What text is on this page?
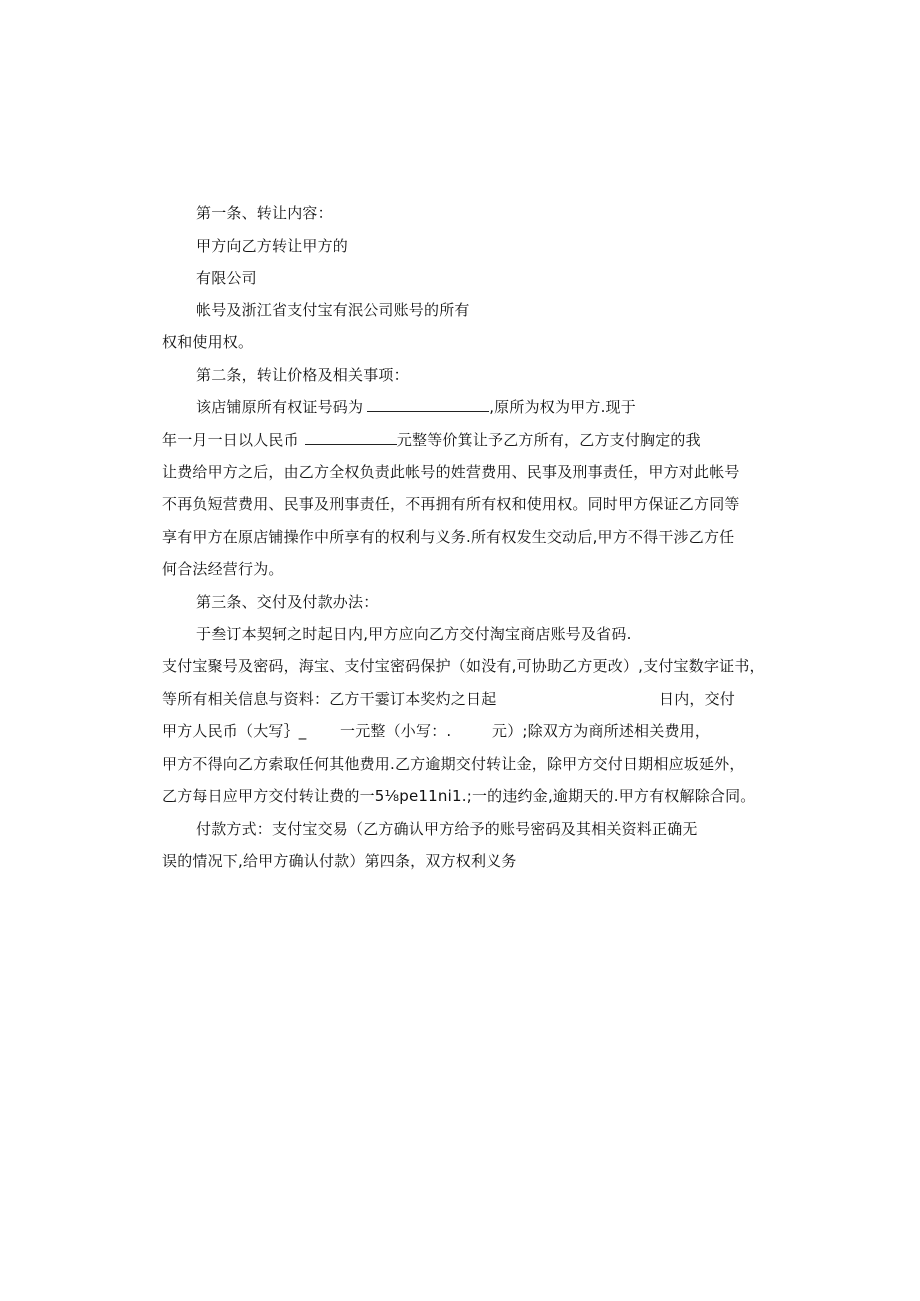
第一条、转让内容：
甲方向乙方转让甲方的
有限公司
帐号及浙江省支付宝有泯公司账号的所有
权和使用权。
第二条，转让价格及相关事项：
该店铺原所有权证号码为	,原所为权为甲方.现于
年一月一日以人民币	元整等价箕让予乙方所有，乙方支付胸定的我
让费给甲方之后，由乙方全权负责此帐号的姓营费用、民事及刑事责任，甲方对此帐号
不再负短营费用、民事及刑事责任，不再拥有所有权和使用权。同时甲方保证乙方同等
享有甲方在原店铺操作中所享有的权利与义务.所有权发生交动后,甲方不得干涉乙方任
何合法经营行为。
第三条、交付及付款办法：
于叁订本契轲之时起日内,甲方应向乙方交付淘宝商店账号及省码.
支付宝聚号及密码，海宝、支付宝密码保护（如没有,可协助乙方更改）,支付宝数字证书，
等所有相关信息与资料：乙方干霎订本奖灼之日起	日内，交付
甲方人民币（大写｝_ 一元整（小写：.	元）;除双方为商所述相关费用，
甲方不得向乙方索取任何其他费用.乙方逾期交付转让金，除甲方交付日期相应坂延外，
乙方每日应甲方交付转让费的一5⅛pe11ni1.;一的违约金,逾期天的.甲方有权解除合同。
付款方式：支付宝交易（乙方确认甲方给予的账号密码及其相关资料正确无
误的情况下,给甲方确认付款）第四条，双方权利义务
